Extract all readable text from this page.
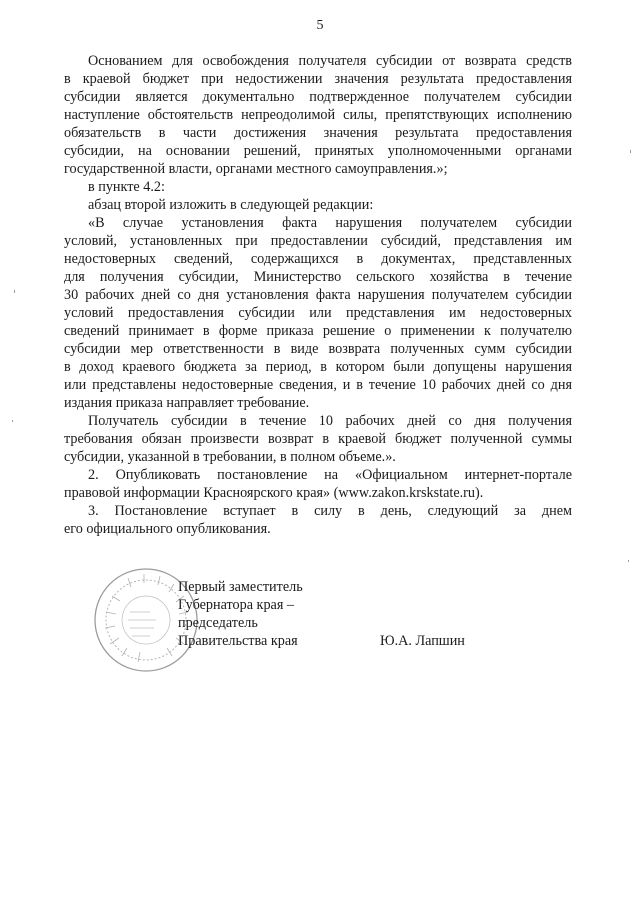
5
Основанием для освобождения получателя субсидии от возврата средств
в краевой бюджет при недостижении значения результата предоставления
субсидии является документально подтвержденное получателем субсидии
наступление обстоятельств непреодолимой силы, препятствующих исполнению
обязательств в части достижения значения результата предоставления
субсидии, на основании решений, принятых уполномоченными органами
государственной власти, органами местного самоуправления.»;
в пункте 4.2:
абзац второй изложить в следующей редакции:
«В случае установления факта нарушения получателем субсидии
условий, установленных при предоставлении субсидий, представления им
недостоверных сведений, содержащихся в документах, представленных
для получения субсидии, Министерство сельского хозяйства в течение
30 рабочих дней со дня установления факта нарушения получателем субсидии
условий предоставления субсидии или представления им недостоверных
сведений принимает в форме приказа решение о применении к получателю
субсидии мер ответственности в виде возврата полученных сумм субсидии
в доход краевого бюджета за период, в котором были допущены нарушения
или представлены недостоверные сведения, и в течение 10 рабочих дней со дня
издания приказа направляет требование.
Получатель субсидии в течение 10 рабочих дней со дня получения
требования обязан произвести возврат в краевой бюджет полученной суммы
субсидии, указанной в требовании, в полном объеме.».
2. Опубликовать постановление на «Официальном интернет-портале
правовой информации Красноярского края» (www.zakon.krskstate.ru).
3. Постановление вступает в силу в день, следующий за днем
его официального опубликования.
Первый заместитель
Губернатора края –
председатель
Правительства края	Ю.А. Лапшин
